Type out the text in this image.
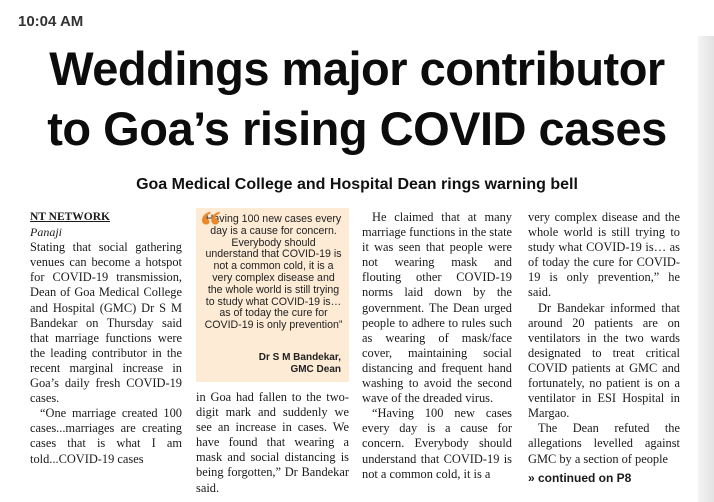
10:04 AM
Weddings major contributor
to Goa’s rising COVID cases
Goa Medical College and Hospital Dean rings warning bell

NT NETWORK

Panaji

Stating that social gathering venues can become a hotspot for COVID-19 transmission, Dean of Goa Medical College and Hospital (GMC) Dr S M Bandekar on Thursday said that marriage functions were the leading contributor in the recent marginal increase in Goa’s daily fresh COVID-19 cases.

“One marriage created 100 cases...marriages are creating cases that is what I am told...COVID-19 cases

“

Having 100 new cases every day is a cause for concern. Everybody should understand that COVID-19 is not a common cold, it is a very complex disease and the whole world is still trying to study what COVID-19 is… as of today the cure for COVID-19 is only prevention”

Dr S M Bandekar,
GMC Dean

in Goa had fallen to the two-digit mark and suddenly we see an increase in cases. We have found that wearing a mask and social distancing is being forgotten,” Dr Bandekar said.

He claimed that at many marriage functions in the state it was seen that people were not wearing mask and flouting other COVID-19 norms laid down by the government. The Dean urged people to adhere to rules such as wearing of mask/face cover, maintaining social distancing and frequent hand washing to avoid the second wave of the dreaded virus.

“Having 100 new cases every day is a cause for concern. Everybody should understand that COVID-19 is not a common cold, it is a

very complex disease and the whole world is still trying to study what COVID-19 is… as of today the cure for COVID-19 is only prevention,” he said.

Dr Bandekar informed that around 20 patients are on ventilators in the two wards designated to treat critical COVID patients at GMC and fortunately, no patient is on a ventilator in ESI Hospital in Margao.

The Dean refuted the allegations levelled against GMC by a section of people

» continued on P8
